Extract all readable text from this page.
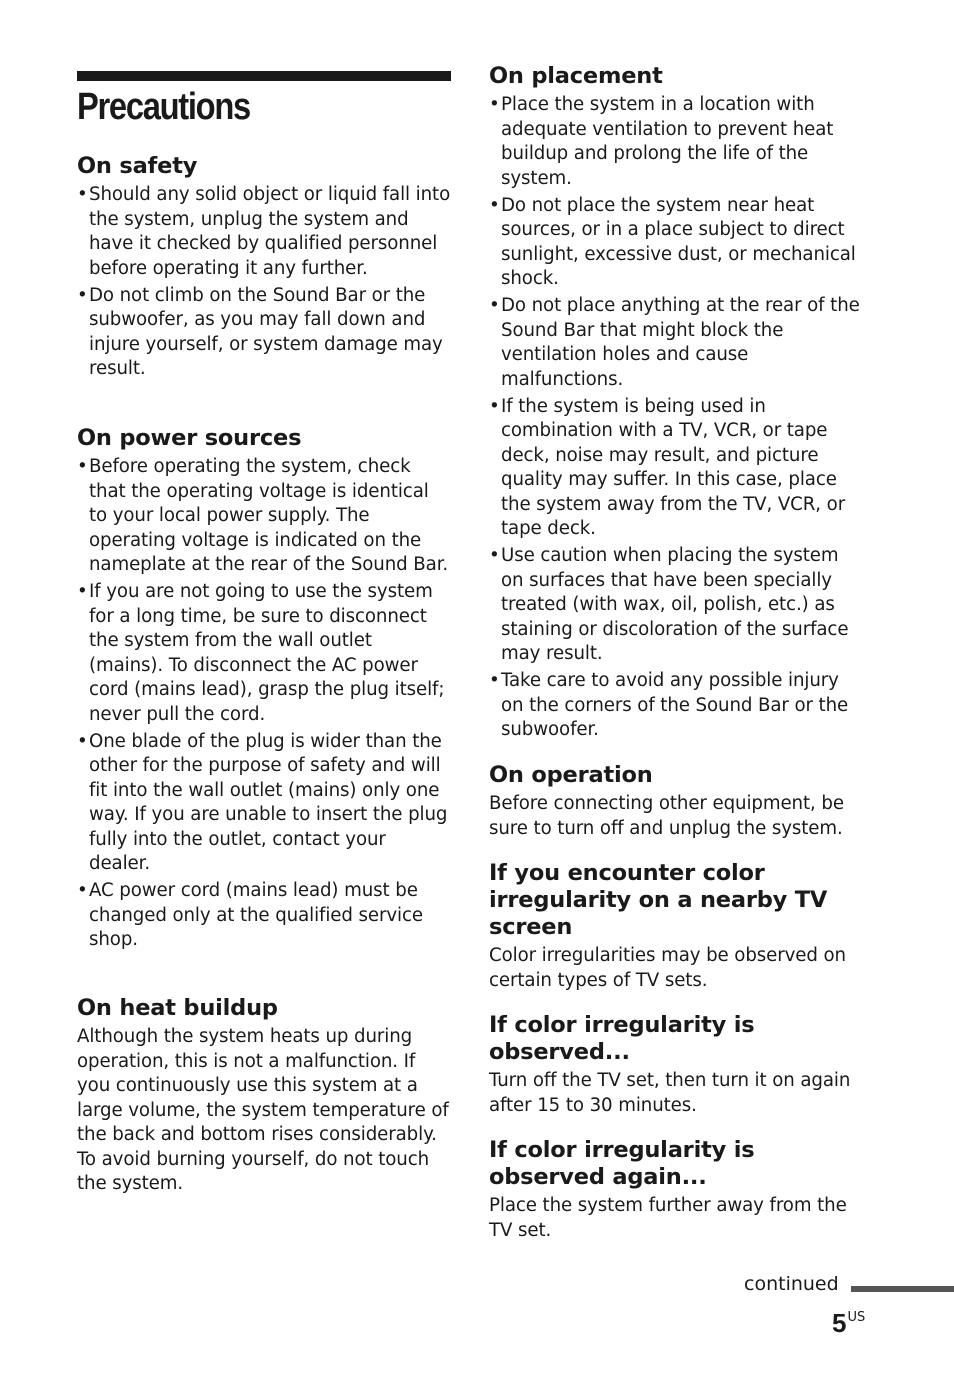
Precautions
On safety
• Should any solid object or liquid fall into the system, unplug the system and have it checked by qualified personnel before operating it any further.
• Do not climb on the Sound Bar or the subwoofer, as you may fall down and injure yourself, or system damage may result.
On power sources
• Before operating the system, check that the operating voltage is identical to your local power supply. The operating voltage is indicated on the nameplate at the rear of the Sound Bar.
• If you are not going to use the system for a long time, be sure to disconnect the system from the wall outlet (mains). To disconnect the AC power cord (mains lead), grasp the plug itself; never pull the cord.
• One blade of the plug is wider than the other for the purpose of safety and will fit into the wall outlet (mains) only one way. If you are unable to insert the plug fully into the outlet, contact your dealer.
• AC power cord (mains lead) must be changed only at the qualified service shop.
On heat buildup

Although the system heats up during operation, this is not a malfunction. If you continuously use this system at a large volume, the system temperature of the back and bottom rises considerably. To avoid burning yourself, do not touch the system.

On placement
• Place the system in a location with adequate ventilation to prevent heat buildup and prolong the life of the system.
• Do not place the system near heat sources, or in a place subject to direct sunlight, excessive dust, or mechanical shock.
• Do not place anything at the rear of the Sound Bar that might block the ventilation holes and cause malfunctions.
• If the system is being used in combination with a TV, VCR, or tape deck, noise may result, and picture quality may suffer. In this case, place the system away from the TV, VCR, or tape deck.
• Use caution when placing the system on surfaces that have been specially treated (with wax, oil, polish, etc.) as staining or discoloration of the surface may result.
• Take care to avoid any possible injury on the corners of the Sound Bar or the subwoofer.
On operation

Before connecting other equipment, be sure to turn off and unplug the system.

If you encounter color irregularity on a nearby TV screen

Color irregularities may be observed on certain types of TV sets.

If color irregularity is observed...

Turn off the TV set, then turn it on again after 15 to 30 minutes.

If color irregularity is observed again...

Place the system further away from the TV set.

continued
$5^{US}$
